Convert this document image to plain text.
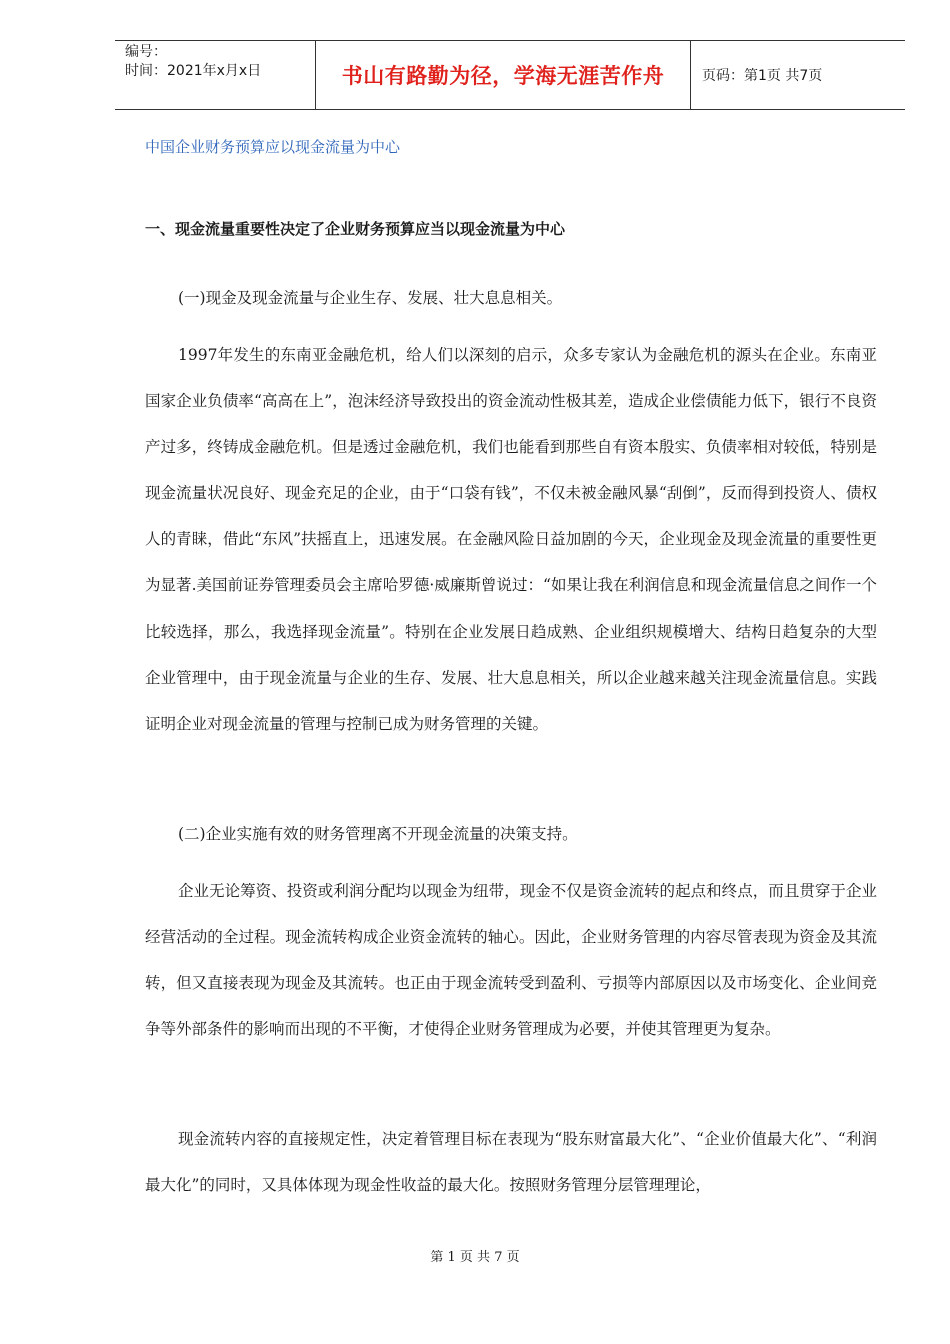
编号：
时间：2021年x月x日	书山有路勤为径，学海无涯苦作舟	页码：第1页 共7页
中国企业财务预算应以现金流量为中心
一、现金流量重要性决定了企业财务预算应当以现金流量为中心
(一)现金及现金流量与企业生存、发展、壮大息息相关。

1997年发生的东南亚金融危机，给人们以深刻的启示，众多专家认为金融危机的源头在企业。东南亚国家企业负债率“高高在上”，泡沫经济导致投出的资金流动性极其差，造成企业偿债能力低下，银行不良资产过多，终铸成金融危机。但是透过金融危机，我们也能看到那些自有资本殷实、负债率相对较低，特别是现金流量状况良好、现金充足的企业，由于“口袋有钱”，不仅未被金融风暴“刮倒”，反而得到投资人、债权人的青睐，借此“东风”扶摇直上，迅速发展。在金融风险日益加剧的今天，企业现金及现金流量的重要性更为显著.美国前证券管理委员会主席哈罗德·威廉斯曾说过：“如果让我在利润信息和现金流量信息之间作一个比较选择，那么，我选择现金流量”。特别在企业发展日趋成熟、企业组织规模增大、结构日趋复杂的大型企业管理中，由于现金流量与企业的生存、发展、壮大息息相关，所以企业越来越关注现金流量信息。实践证明企业对现金流量的管理与控制已成为财务管理的关键。

(二)企业实施有效的财务管理离不开现金流量的决策支持。

企业无论筹资、投资或利润分配均以现金为纽带，现金不仅是资金流转的起点和终点，而且贯穿于企业经营活动的全过程。现金流转构成企业资金流转的轴心。因此，企业财务管理的内容尽管表现为资金及其流转，但又直接表现为现金及其流转。也正由于现金流转受到盈利、亏损等内部原因以及市场变化、企业间竞争等外部条件的影响而出现的不平衡，才使得企业财务管理成为必要，并使其管理更为复杂。

现金流转内容的直接规定性，决定着管理目标在表现为“股东财富最大化”、“企业价值最大化”、“利润最大化”的同时，又具体体现为现金性收益的最大化。按照财务管理分层管理理论，

第 1 页 共 7 页
